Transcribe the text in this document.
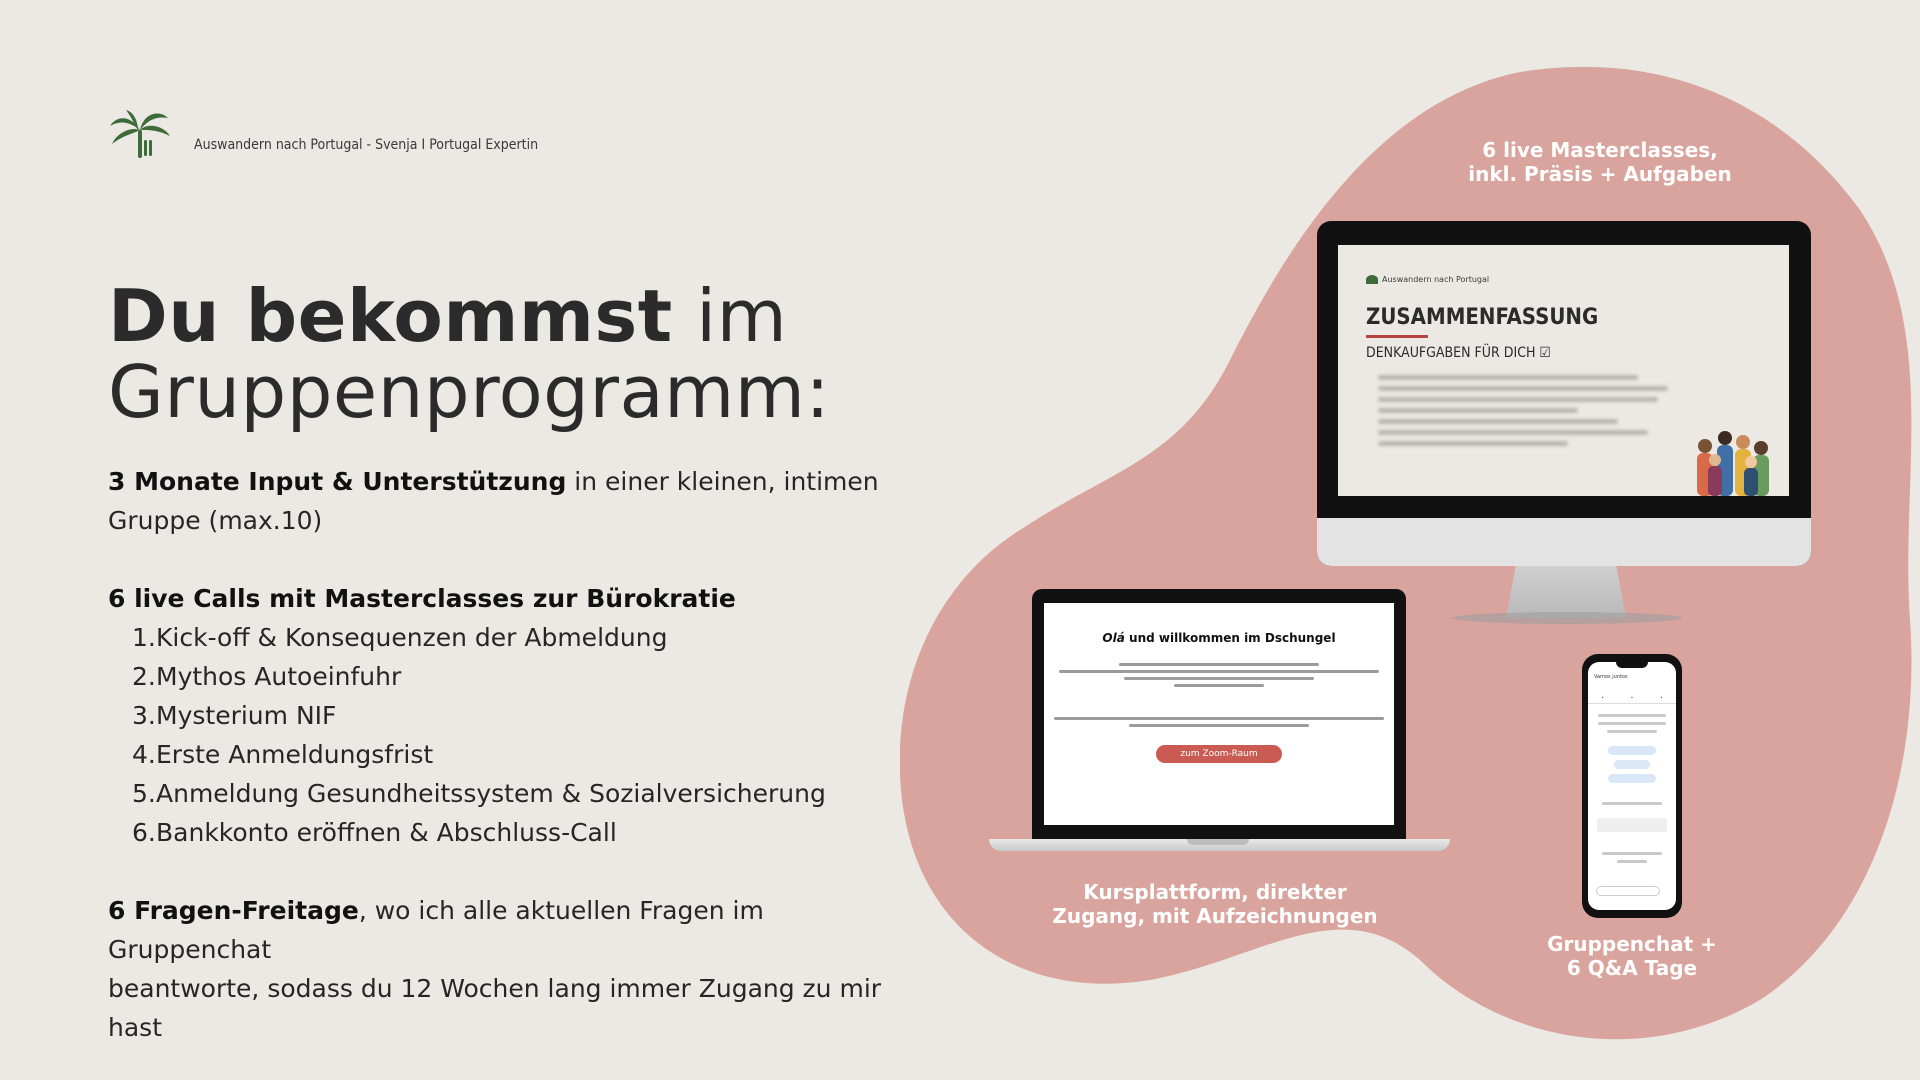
Auswandern nach Portugal - Svenja I Portugal Expertin
Du bekommst im
Gruppenprogramm:

3 Monate Input & Unterstützung in einer kleinen, intimen
Gruppe (max.10)

6 live Calls mit Masterclasses zur Bürokratie

1. Kick-off & Konsequenzen der Abmeldung
2. Mythos Autoeinfuhr
3. Mysterium NIF
4. Erste Anmeldungsfrist
5. Anmeldung Gesundheitssystem & Sozialversicherung
6. Bankkonto eröffnen & Abschluss-Call

6 Fragen-Freitage, wo ich alle aktuellen Fragen im Gruppenchat
beantworte, sodass du 12 Wochen lang immer Zugang zu mir hast

6 live Masterclasses,
inkl. Präsis + Aufgaben
Auswandern nach Portugal
ZUSAMMENFASSUNG
DENKAUFGABEN FÜR DICH ☑
Olá und willkommen im Dschungel
zum Zoom-Raum
Kursplattform, direkter
Zugang, mit Aufzeichnungen
Vamos juntos
•	•	•
Gruppenchat +
6 Q&A Tage
